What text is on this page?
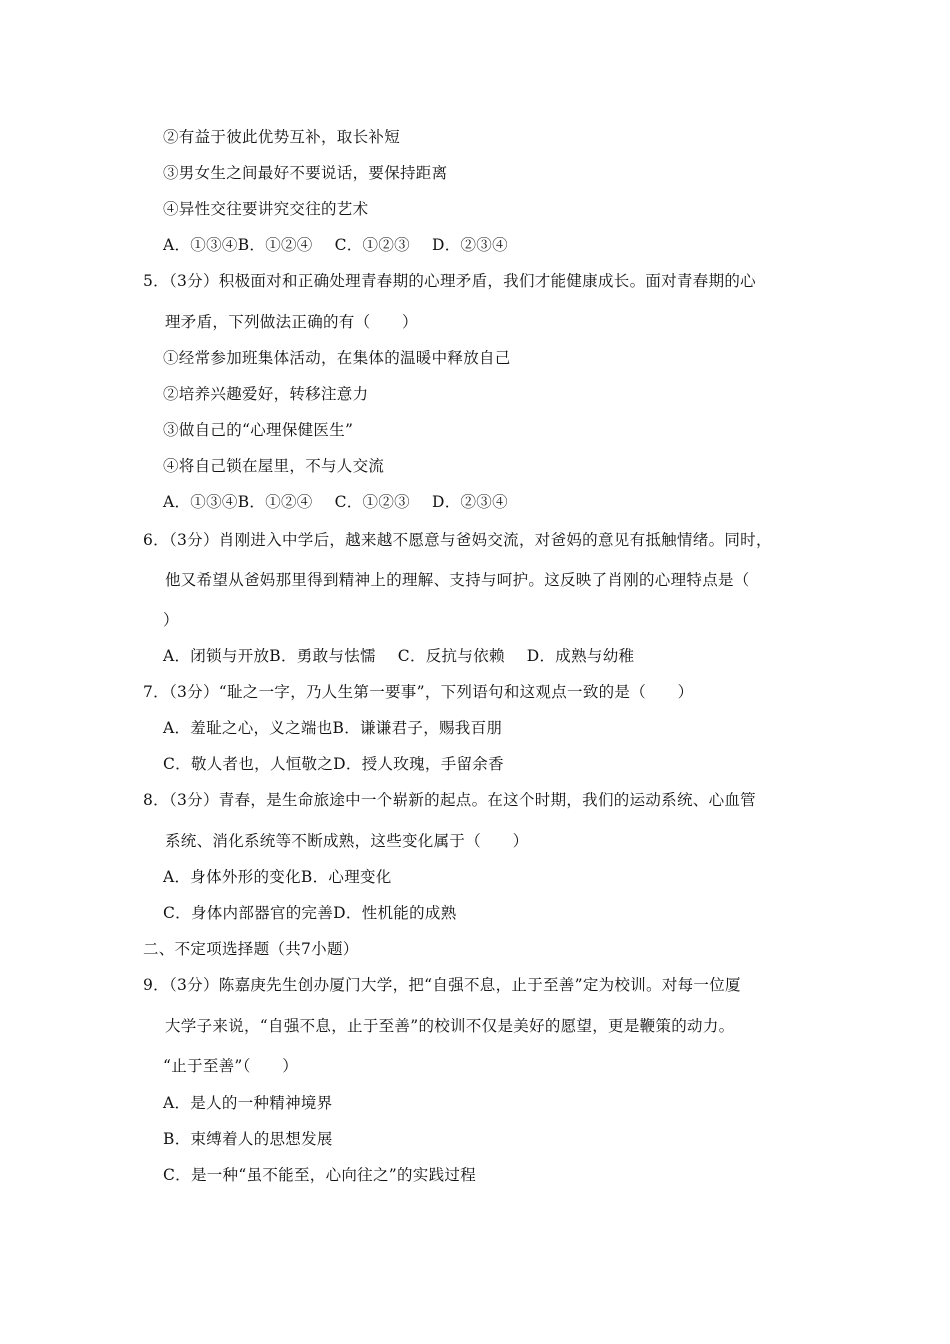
②有益于彼此优势互补，取长补短
③男女生之间最好不要说话，要保持距离
④异性交往要讲究交往的艺术
A．①③④B．①②④ C．①②③ D．②③④
5．（3分）积极面对和正确处理青春期的心理矛盾，我们才能健康成长。面对青春期的心
理矛盾，下列做法正确的有（　　）
①经常参加班集体活动，在集体的温暖中释放自己
②培养兴趣爱好，转移注意力
③做自己的“心理保健医生”
④将自己锁在屋里，不与人交流
A．①③④B．①②④ C．①②③ D．②③④
6．（3分）肖刚进入中学后，越来越不愿意与爸妈交流，对爸妈的意见有抵触情绪。同时，
他又希望从爸妈那里得到精神上的理解、支持与呵护。这反映了肖刚的心理特点是（
）
A．闭锁与开放B．勇敢与怯懦 C．反抗与依赖 D．成熟与幼稚
7．（3分）“耻之一字，乃人生第一要事”，下列语句和这观点一致的是（　　）
A．羞耻之心，义之端也B．谦谦君子，赐我百朋
C．敬人者也，人恒敬之D．授人玫瑰，手留余香
8．（3分）青春，是生命旅途中一个崭新的起点。在这个时期，我们的运动系统、心血管
系统、消化系统等不断成熟，这些变化属于（　　）
A．身体外形的变化B．心理变化
C．身体内部器官的完善D．性机能的成熟
二、不定项选择题（共7小题）
9．（3分）陈嘉庚先生创办厦门大学，把“自强不息，止于至善”定为校训。对每一位厦
大学子来说，“自强不息，止于至善”的校训不仅是美好的愿望，更是鞭策的动力。
“止于至善”（　　）
A．是人的一种精神境界
B．束缚着人的思想发展
C．是一种“虽不能至，心向往之”的实践过程
